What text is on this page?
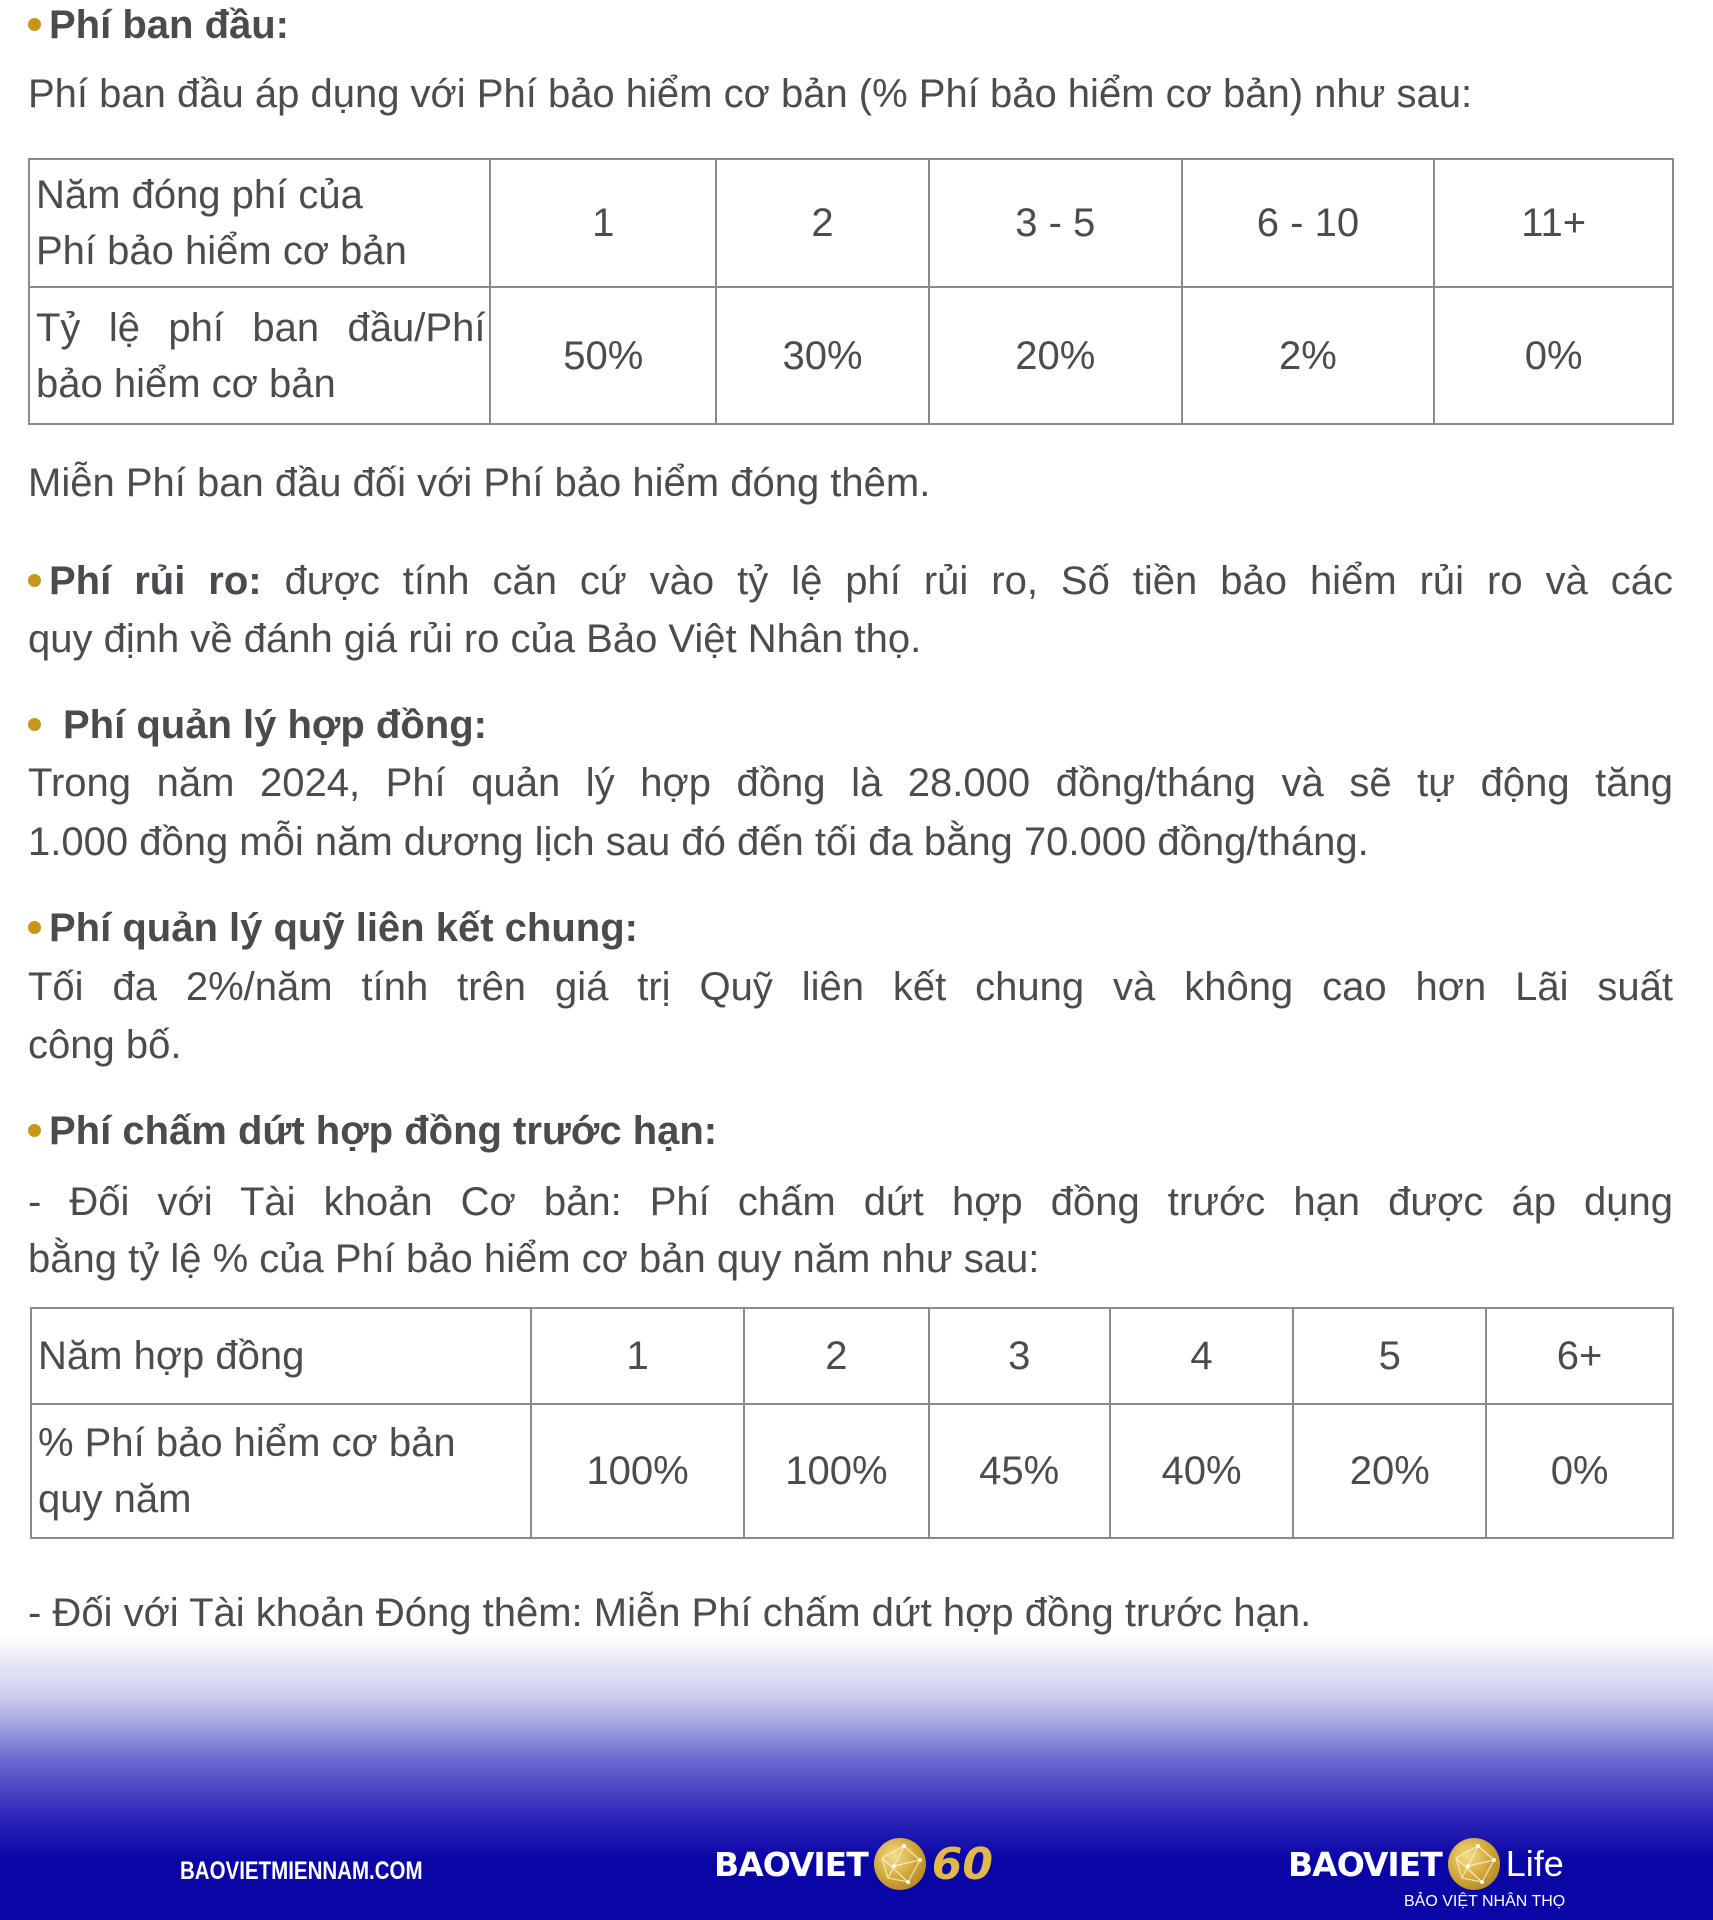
Phí ban đầu:
Phí ban đầu áp dụng với Phí bảo hiểm cơ bản (% Phí bảo hiểm cơ bản) như sau:
Năm đóng phí của
Phí bảo hiểm cơ bản	1	2	3 - 5	6 - 10	11+

Tỷ lệ phí ban đầu/Phí
bảo hiểm cơ bản	50%	30%	20%	2%	0%
Miễn Phí ban đầu đối với Phí bảo hiểm đóng thêm.
Phí rủi ro: được tính căn cứ vào tỷ lệ phí rủi ro, Số tiền bảo hiểm rủi ro và các
quy định về đánh giá rủi ro của Bảo Việt Nhân thọ.
Phí quản lý hợp đồng:
Trong năm 2024, Phí quản lý hợp đồng là 28.000 đồng/tháng và sẽ tự động tăng
1.000 đồng mỗi năm dương lịch sau đó đến tối đa bằng 70.000 đồng/tháng.
Phí quản lý quỹ liên kết chung:
Tối đa 2%/năm tính trên giá trị Quỹ liên kết chung và không cao hơn Lãi suất
công bố.
Phí chấm dứt hợp đồng trước hạn:
- Đối với Tài khoản Cơ bản: Phí chấm dứt hợp đồng trước hạn được áp dụng
bằng tỷ lệ % của Phí bảo hiểm cơ bản quy năm như sau:
Năm hợp đồng	1	2	3	4	5	6+

% Phí bảo hiểm cơ bản
quy năm	100%	100%	45%	40%	20%	0%
- Đối với Tài khoản Đóng thêm: Miễn Phí chấm dứt hợp đồng trước hạn.
BAOVIETMIENNAM.COM	BAOVIET 60	BAOVIET Life
BẢO VIỆT NHÂN THỌ
